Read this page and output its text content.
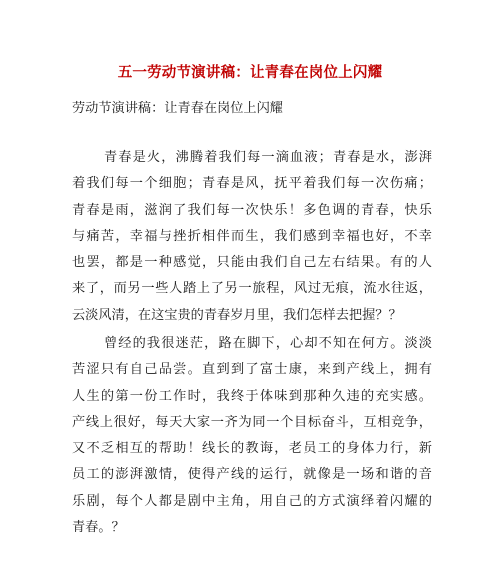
五一劳动节演讲稿：让青春在岗位上闪耀
劳动节演讲稿：让青春在岗位上闪耀
青春是火，沸腾着我们每一滴血液；青春是水，澎湃
着我们每一个细胞；青春是风，抚平着我们每一次伤痛；
青春是雨，滋润了我们每一次快乐！多色调的青春，快乐
与痛苦，幸福与挫折相伴而生，我们感到幸福也好，不幸
也罢，都是一种感觉，只能由我们自己左右结果。有的人
来了，而另一些人踏上了另一旅程，风过无痕，流水往返，
云淡风清，在这宝贵的青春岁月里，我们怎样去把握？？
曾经的我很迷茫，路在脚下，心却不知在何方。淡淡
苦涩只有自己品尝。直到到了富士康，来到产线上，拥有
人生的第一份工作时，我终于体味到那种久违的充实感。
产线上很好，每天大家一齐为同一个目标奋斗，互相竞争，
又不乏相互的帮助！线长的教诲，老员工的身体力行，新
员工的澎湃激情，使得产线的运行，就像是一场和谐的音
乐剧，每个人都是剧中主角，用自己的方式演绎着闪耀的
青春。？
